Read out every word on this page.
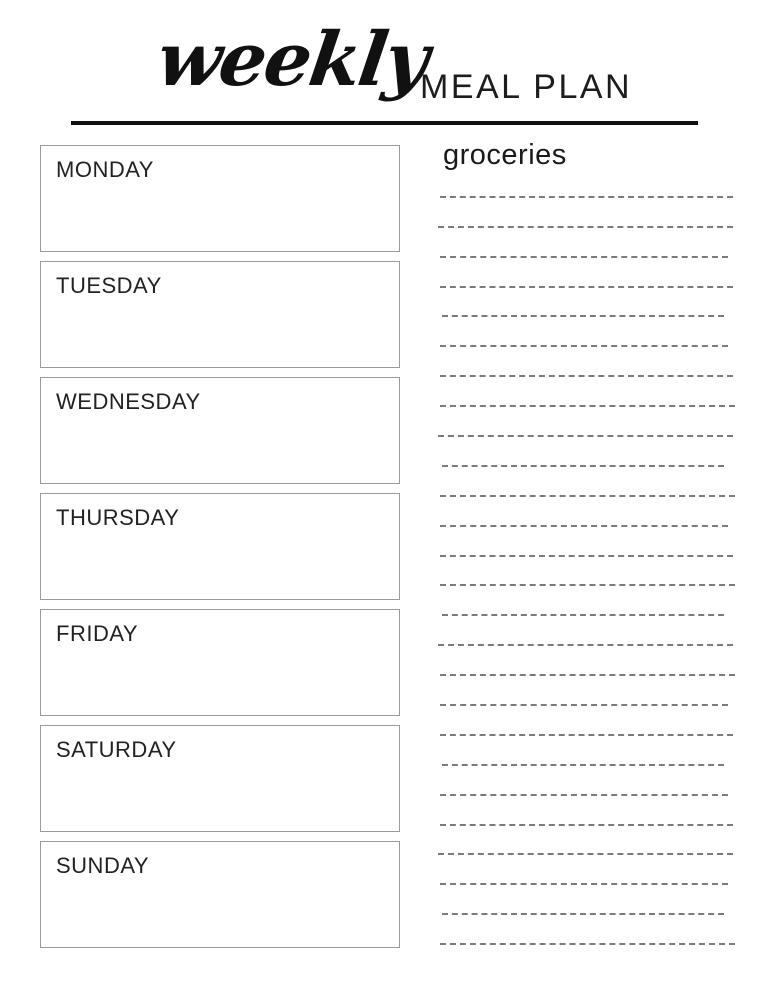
weekly
MEAL PLAN
MONDAY
TUESDAY
WEDNESDAY
THURSDAY
FRIDAY
SATURDAY
SUNDAY
groceries
